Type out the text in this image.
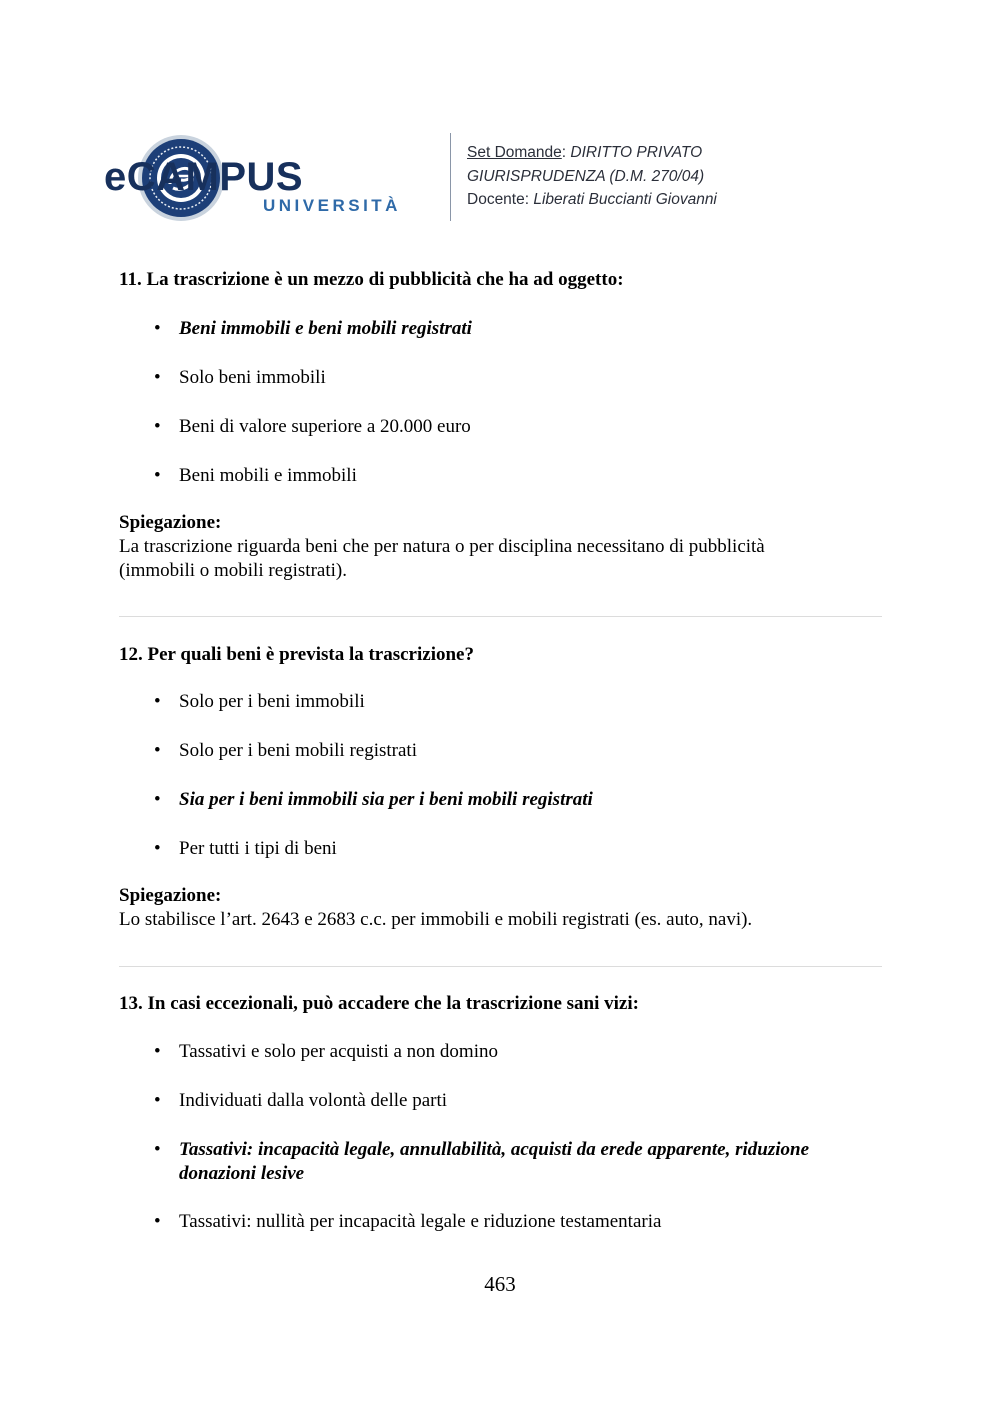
eCAMPUS
UNIVERSITÀ
Set Domande: DIRITTO PRIVATO
GIURISPRUDENZA (D.M. 270/04)
Docente: Liberati Buccianti Giovanni
11. La trascrizione è un mezzo di pubblicità che ha ad oggetto:
• Beni immobili e beni mobili registrati
• Solo beni immobili
• Beni di valore superiore a 20.000 euro
• Beni mobili e immobili
Spiegazione:
La trascrizione riguarda beni che per natura o per disciplina necessitano di pubblicità
(immobili o mobili registrati).
12. Per quali beni è prevista la trascrizione?
• Solo per i beni immobili
• Solo per i beni mobili registrati
• Sia per i beni immobili sia per i beni mobili registrati
• Per tutti i tipi di beni
Spiegazione:
Lo stabilisce l’art. 2643 e 2683 c.c. per immobili e mobili registrati (es. auto, navi).
13. In casi eccezionali, può accadere che la trascrizione sani vizi:
• Tassativi e solo per acquisti a non domino
• Individuati dalla volontà delle parti
• Tassativi: incapacità legale, annullabilità, acquisti da erede apparente, riduzione
donazioni lesive
• Tassativi: nullità per incapacità legale e riduzione testamentaria
463
